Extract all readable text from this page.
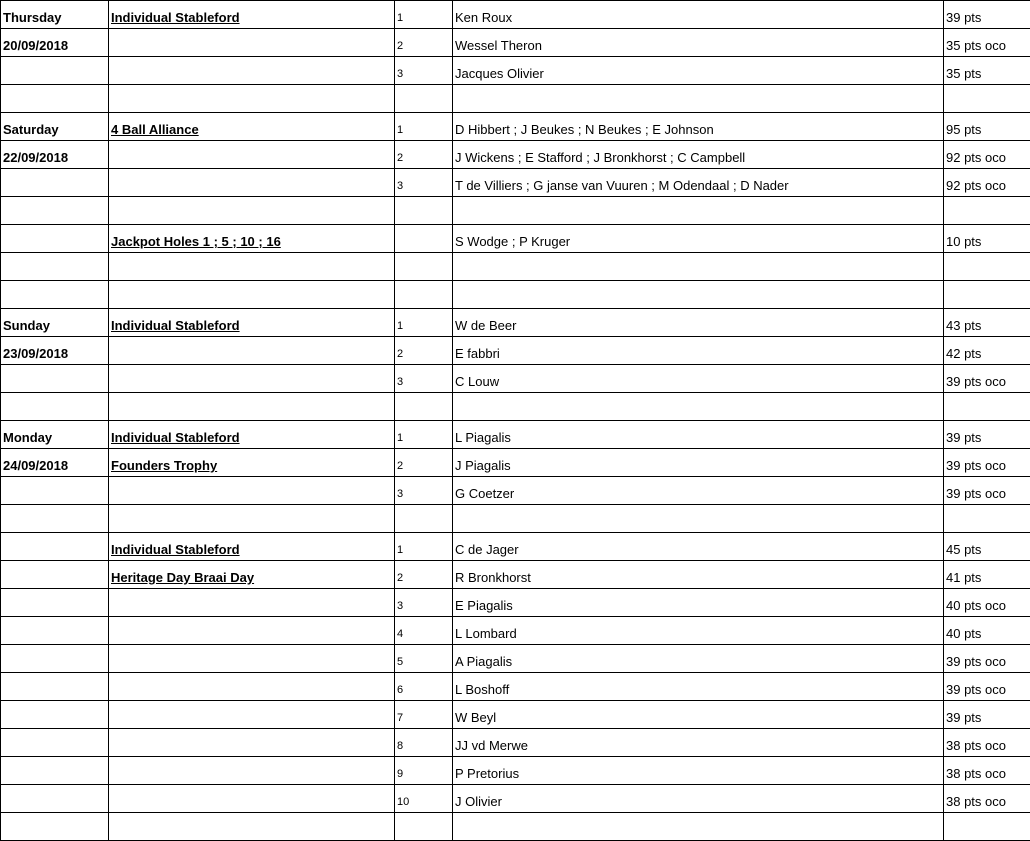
Thursday	Individual Stableford	1	Ken Roux	39 pts
20/09/2018		2	Wessel Theron	35 pts oco
		3	Jacques Olivier	35 pts

Saturday	4 Ball Alliance	1	D Hibbert ; J Beukes ; N Beukes ; E Johnson	95 pts
22/09/2018		2	J Wickens ; E Stafford ; J Bronkhorst ; C Campbell	92 pts oco
		3	T de Villiers ; G janse van Vuuren ; M Odendaal ; D Nader	92 pts oco

	Jackpot Holes 1 ; 5 ; 10 ; 16		S Wodge ; P Kruger	10 pts

Sunday	Individual Stableford	1	W de Beer	43 pts
23/09/2018		2	E fabbri	42 pts
		3	C Louw	39 pts oco

Monday	Individual Stableford	1	L Piagalis	39 pts
24/09/2018	Founders Trophy	2	J Piagalis	39 pts oco
		3	G Coetzer	39 pts oco

	Individual Stableford	1	C de Jager	45 pts
	Heritage Day Braai Day	2	R Bronkhorst	41 pts
		3	E Piagalis	40 pts oco
		4	L Lombard	40 pts
		5	A Piagalis	39 pts oco
		6	L Boshoff	39 pts oco
		7	W Beyl	39 pts
		8	JJ vd Merwe	38 pts oco
		9	P Pretorius	38 pts oco
		10	J Olivier	38 pts oco
